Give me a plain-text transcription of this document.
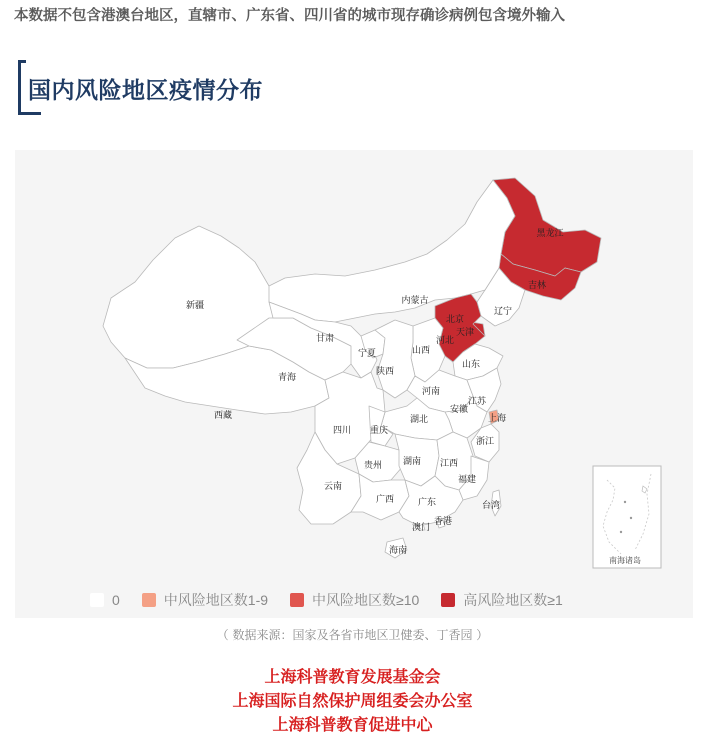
本数据不包含港澳台地区，直辖市、广东省、四川省的城市现存确诊病例包含境外输入
国内风险地区疫情分布
黑龙江
吉林
辽宁
内蒙古
北京
天津
河北
山西
山东
新疆
西藏
青海
甘肃
宁夏
陕西
河南
江苏
安徽
上海
湖北
浙江
四川 重庆
贵州 湖南 江西
福建
云南
广西	广东	台湾
澳门
香港
海南
南海诸岛
0	中风险地区数1-9	中风险地区数≥10	高风险地区数≥1
（ 数据来源：国家及各省市地区卫健委、丁香园 ）
上海科普教育发展基金会
上海国际自然保护周组委会办公室
上海科普教育促进中心
